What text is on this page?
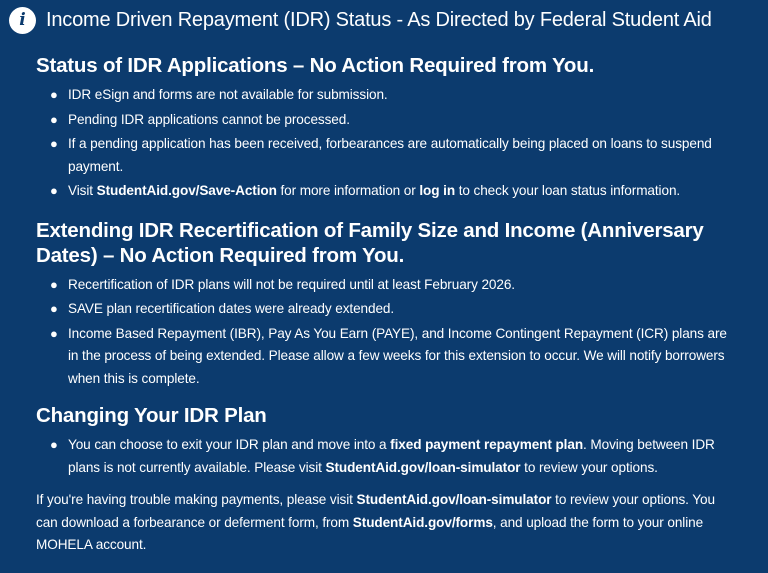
i	Income Driven Repayment (IDR) Status - As Directed by Federal Student Aid
Status of IDR Applications – No Action Required from You.
● IDR eSign and forms are not available for submission.
● Pending IDR applications cannot be processed.
● If a pending application has been received, forbearances are automatically being placed on loans to suspend payment.
● Visit StudentAid.gov/Save-Action for more information or log in to check your loan status information.
Extending IDR Recertification of Family Size and Income (Anniversary Dates) – No Action Required from You.
● Recertification of IDR plans will not be required until at least February 2026.
● SAVE plan recertification dates were already extended.
● Income Based Repayment (IBR), Pay As You Earn (PAYE), and Income Contingent Repayment (ICR) plans are in the process of being extended. Please allow a few weeks for this extension to occur. We will notify borrowers when this is complete.
Changing Your IDR Plan
● You can choose to exit your IDR plan and move into a fixed payment repayment plan. Moving between IDR plans is not currently available. Please visit StudentAid.gov/loan-simulator to review your options.
If you're having trouble making payments, please visit StudentAid.gov/loan-simulator to review your options. You can download a forbearance or deferment form, from StudentAid.gov/forms, and upload the form to your online MOHELA account.
